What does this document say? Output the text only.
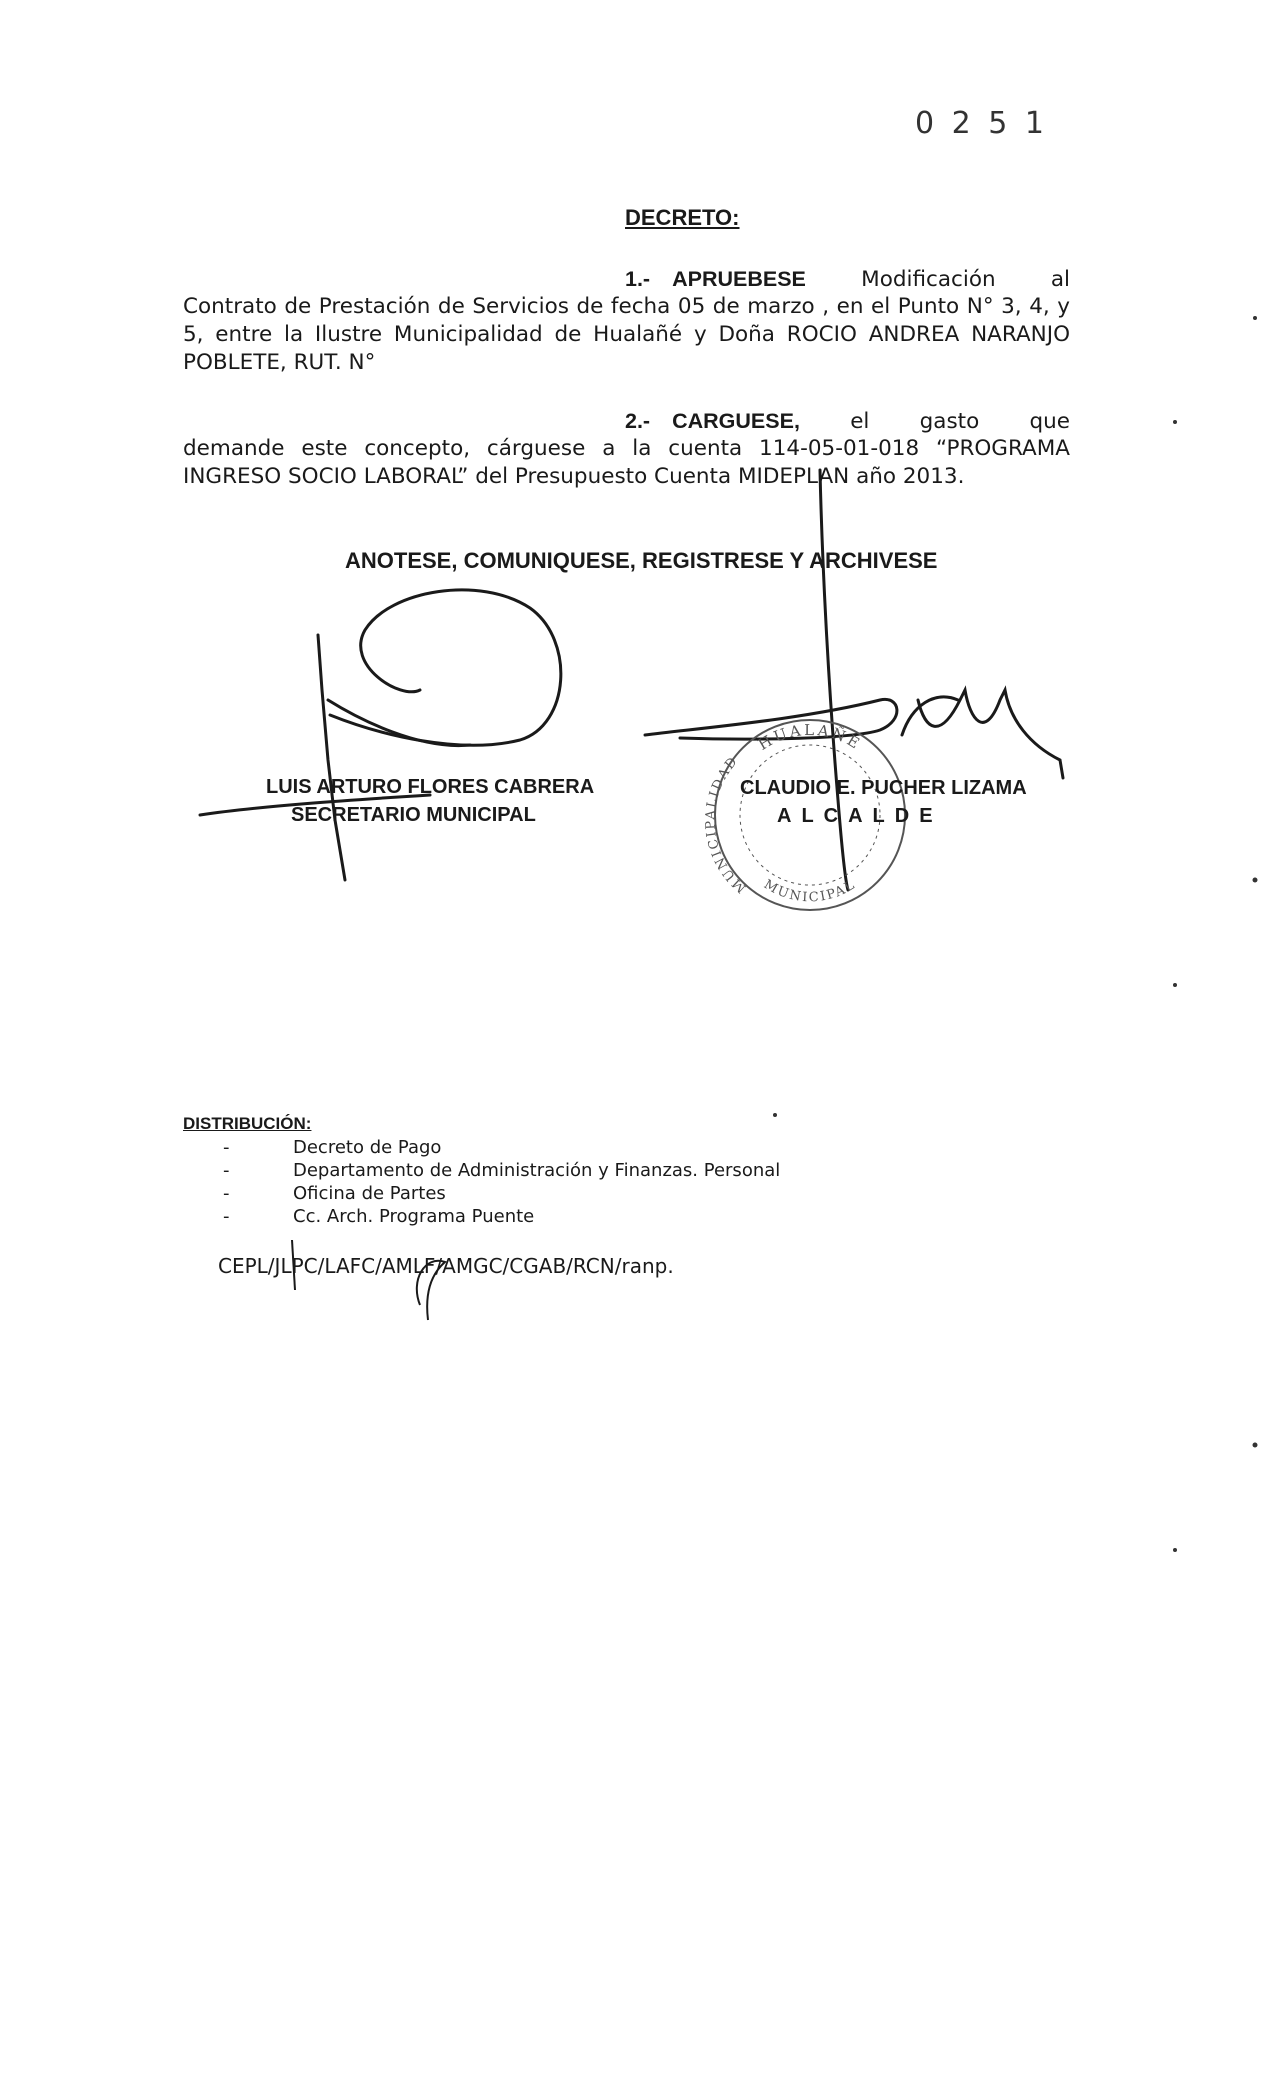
0 2 5 1
DECRETO:
1.- APRUEBESE	Modificación al
Contrato de Prestación de Servicios de fecha 05 de marzo , en el Punto N° 3, 4, y 5, entre la Ilustre Municipalidad de Hualañé y Doña ROCIO ANDREA NARANJO POBLETE, RUT. N°
2.- CARGUESE, el gasto que
demande este concepto, cárguese a la cuenta 114-05-01-018 “PROGRAMA INGRESO SOCIO LABORAL” del Presupuesto Cuenta MIDEPLAN año 2013.
ANOTESE, COMUNIQUESE, REGISTRESE Y ARCHIVESE
HUALAÑE
MUNICIPALIDAD
MUNICIPAL
LUIS ARTURO FLORES CABRERA
SECRETARIO MUNICIPAL
CLAUDIO E. PUCHER LIZAMA
ALCALDE
DISTRIBUCIÓN:
- Decreto de Pago
- Departamento de Administración y Finanzas. Personal
- Oficina de Partes
- Cc. Arch. Programa Puente
CEPL/JLPC/LAFC/AMLF/AMGC/CGAB/RCN/ranp.
